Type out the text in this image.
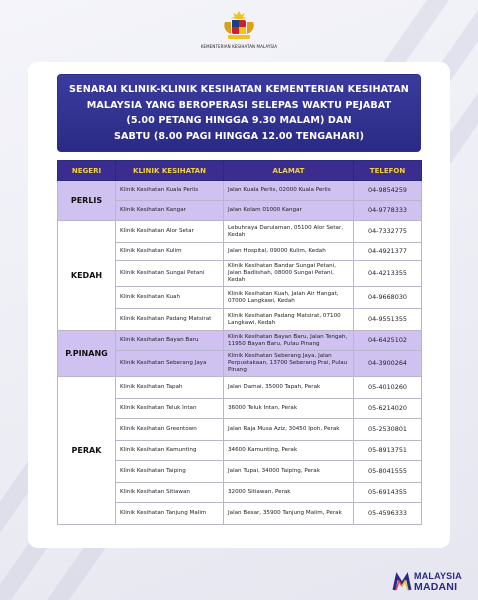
KEMENTERIAN KESIHATAN MALAYSIA
SENARAI KLINIK-KLINIK KESIHATAN KEMENTERIAN KESIHATAN
MALAYSIA YANG BEROPERASI SELEPAS WAKTU PEJABAT
(5.00 PETANG HINGGA 9.30 MALAM) DAN
SABTU (8.00 PAGI HINGGA 12.00 TENGAHARI)
NEGERI	KLINIK KESIHATAN	ALAMAT	TELEFON
PERLIS	Klinik Kesihatan Kuala Perlis	Jalan Kuala Perlis, 02000 Kuala Perlis	04-9854259
	Klinik Kesihatan Kangar	Jalan Kolam 01000 Kangar	04-9778333
KEDAH	Klinik Kesihatan Alor Setar	Lebuhraya Darulaman, 05100 Alor Setar, Kedah	04-7332775
	Klinik Kesihatan Kulim	Jalan Hospital, 09000 Kulim, Kedah	04-4921377
	Klinik Kesihatan Sungai Petani	Klinik Kesihatan Bandar Sungai Petani, Jalan Badlishah, 08000 Sungai Petani, Kedah	04-4213355
	Klinik Kesihatan Kuah	Klinik Kesihatan Kuah, Jalan Air Hangat, 07000 Langkawi, Kedah	04-9668030
	Klinik Kesihatan Padang Matsirat	Klinik Kesihatan Padang Matsirat, 07100 Langkawi, Kedah	04-9551355
P.PINANG	Klinik Kesihatan Bayan Baru	Klinik Kesihatan Bayan Baru, Jalan Tengah, 11950 Bayan Baru, Pulau Pinang	04-6425102
	Klinik Kesihatan Seberang Jaya	Klinik Kesihatan Seberang Jaya, Jalan Perpustakaan, 13700 Seberang Prai, Pulau Pinang	04-3900264
PERAK	Klinik Kesihatan Tapah	Jalan Damai, 35000 Tapah, Perak	05-4010260
	Klinik Kesihatan Teluk Intan	36000 Teluk Intan, Perak	05-6214020
	Klinik Kesihatan Greentown	Jalan Raja Musa Aziz, 30450 Ipoh, Perak	05-2530801
	Klinik Kesihatan Kamunting	34600 Kamunting, Perak	05-8913751
	Klinik Kesihatan Taiping	Jalan Tupai, 34000 Taiping, Perak	05-8041555
	Klinik Kesihatan Sitiawan	32000 Sitiawan, Perak	05-6914355
	Klinik Kesihatan Tanjung Malim	Jalan Besar, 35900 Tanjung Malim, Perak	05-4596333
MALAYSIA
MADANI
